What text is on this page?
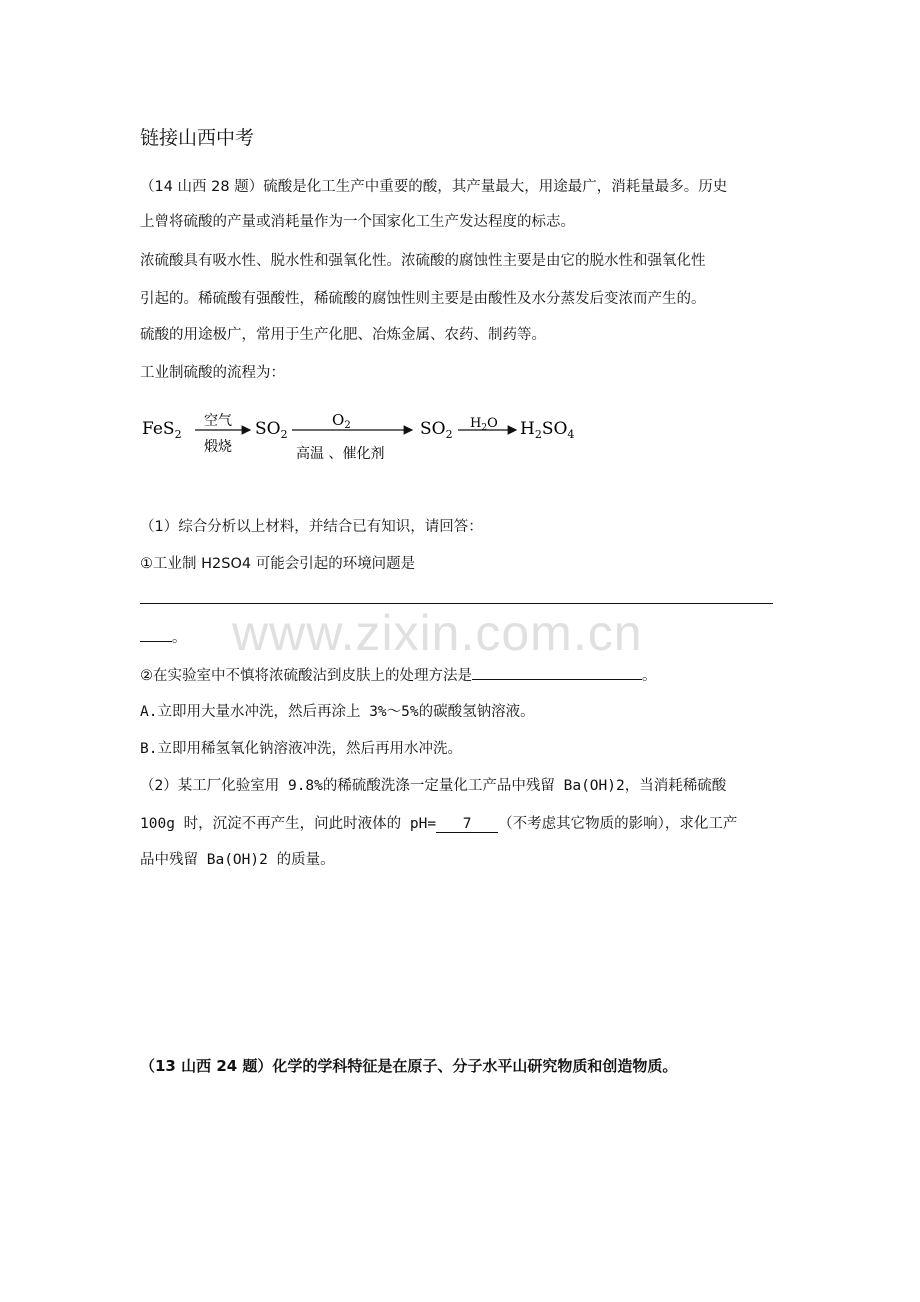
链接山西中考
（14 山西 28 题）硫酸是化工生产中重要的酸，其产量最大，用途最广，消耗量最多。历史
上曾将硫酸的产量或消耗量作为一个国家化工生产发达程度的标志。
浓硫酸具有吸水性、脱水性和强氧化性。浓硫酸的腐蚀性主要是由它的脱水性和强氧化性
引起的。稀硫酸有强酸性，稀硫酸的腐蚀性则主要是由酸性及水分蒸发后变浓而产生的。
硫酸的用途极广，常用于生产化肥、冶炼金属、农药、制药等。
工业制硫酸的流程为：
FeS$_2$
空气
煅烧
$SO_2$
$O_2$
高温 、催化剂
$SO_2$
$H_2O$ $H_2SO_4$
（1）综合分析以上材料，并结合已有知识，请回答：
①工业制 H2SO4 可能会引起的环境问题是
。
②在实验室中不慎将浓硫酸沾到皮肤上的处理方法是	。
A.立即用大量水冲洗，然后再涂上 3%～5%的碳酸氢钠溶液。
B.立即用稀氢氧化钠溶液冲洗，然后再用水冲洗。
（2）某工厂化验室用 9.8%的稀硫酸洗涤一定量化工产品中残留 Ba(OH)2，当消耗稀硫酸
100g 时，沉淀不再产生，问此时液体的 pH= 7 （不考虑其它物质的影响），求化工产
品中残留 Ba(OH)2 的质量。
（13 山西 24 题）化学的学科特征是在原子、分子水平山研究物质和创造物质。
www.zixin.com.cn
